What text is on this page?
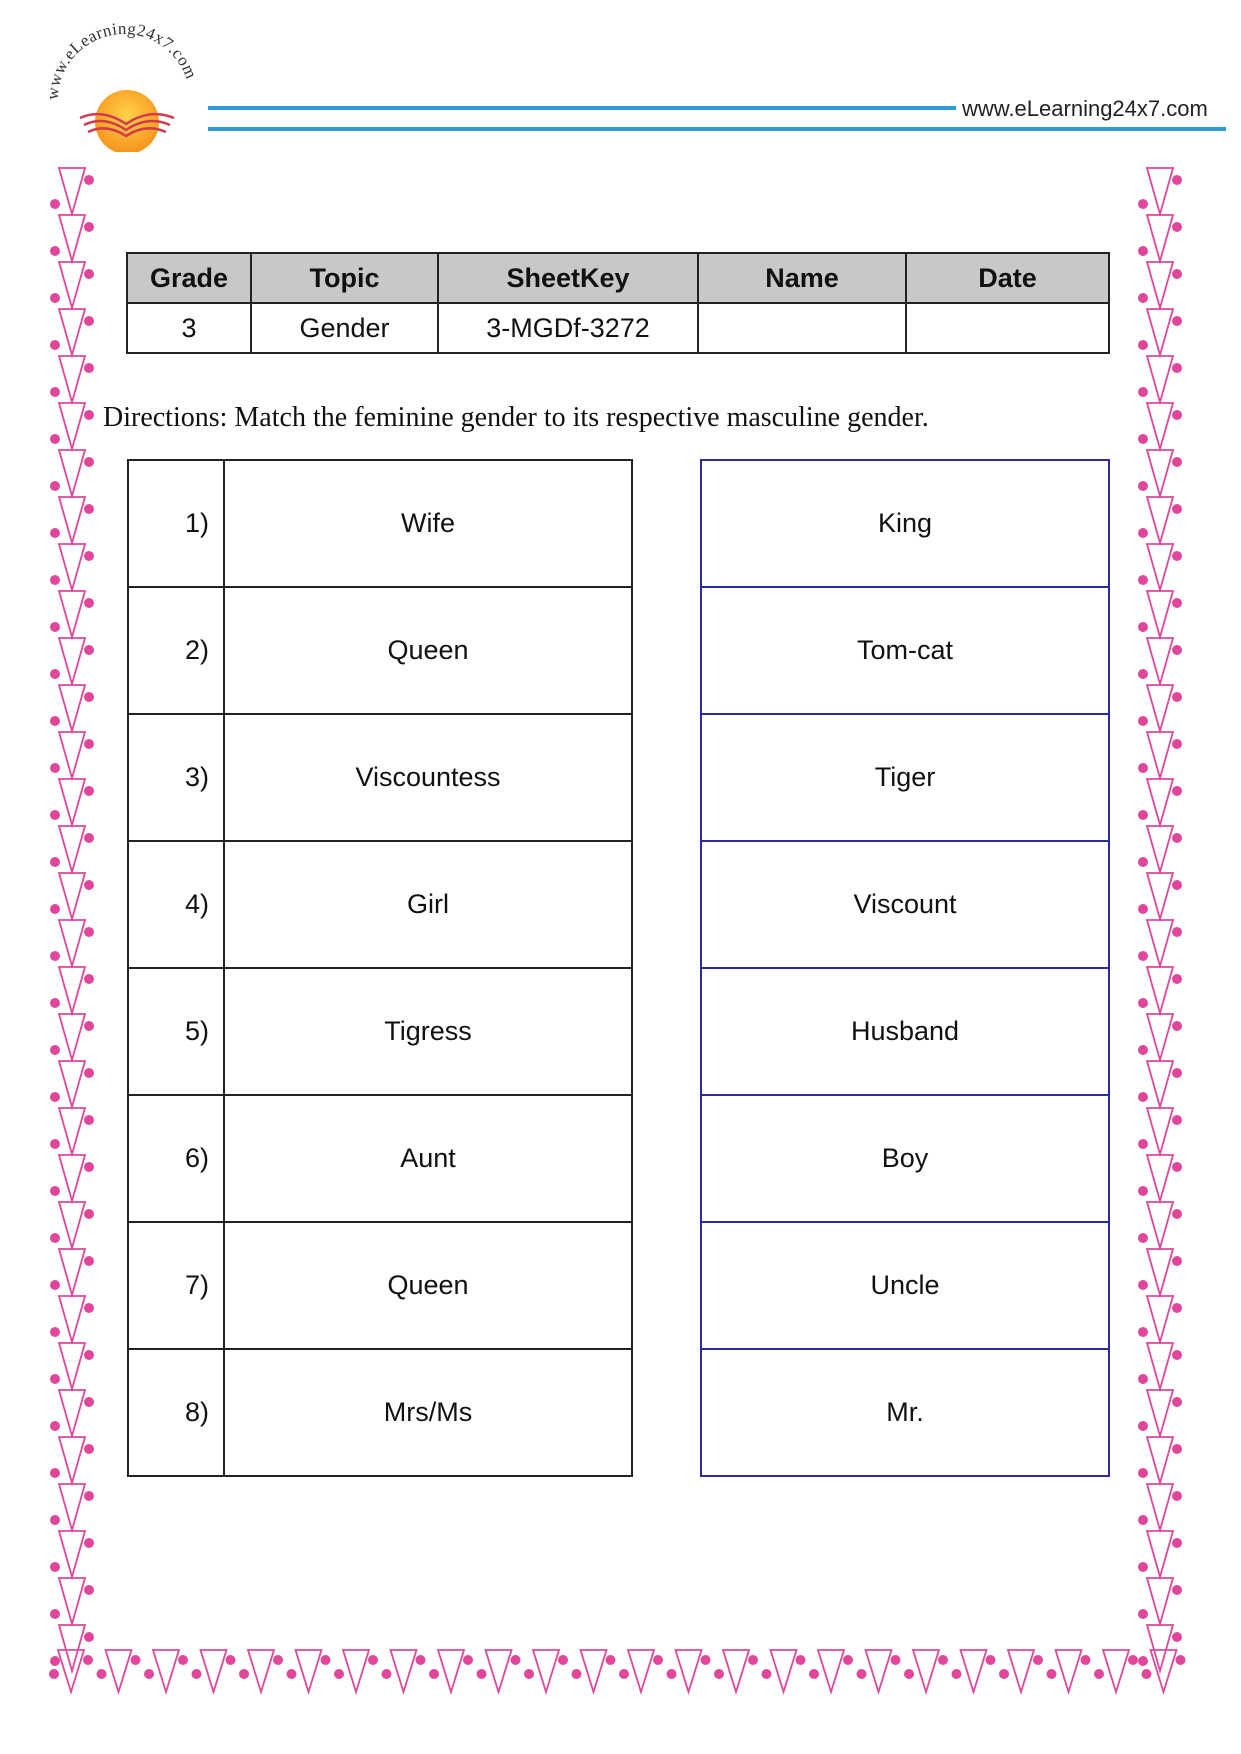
www.eLearning24x7.com
www.eLearning24x7.com
Grade	Topic	SheetKey	Name	Date
3	Gender	3-MGDf-3272		
Directions: Match the feminine gender to its respective masculine gender.
1)	Wife
2)	Queen
3)	Viscountess
4)	Girl
5)	Tigress
6)	Aunt
7)	Queen
8)	Mrs/Ms
King
Tom-cat
Tiger
Viscount
Husband
Boy
Uncle
Mr.
